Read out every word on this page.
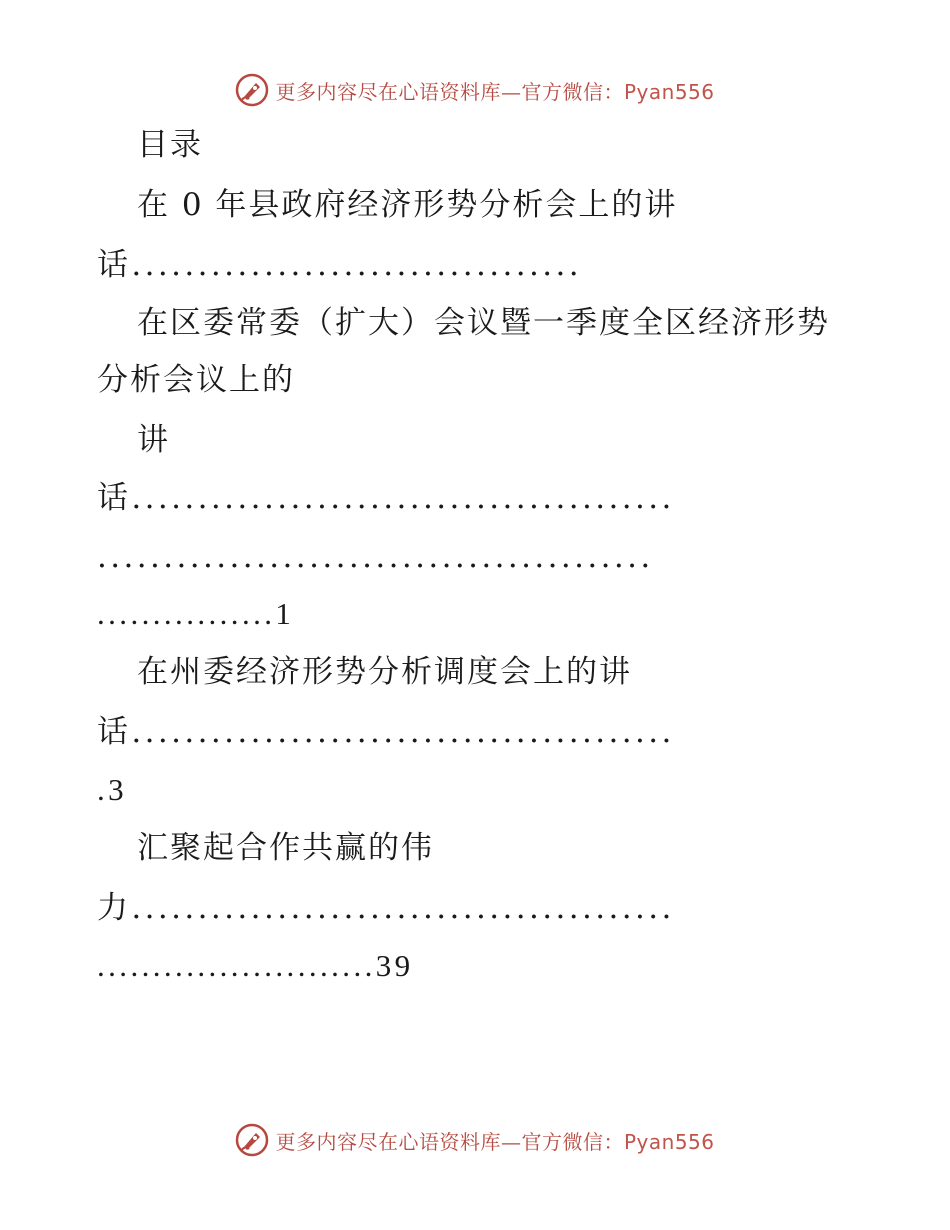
更多内容尽在心语资料库—官方微信：Pyan556
目录
在 0 年县政府经济形势分析会上的讲
话..................................
在区委常委（扩大）会议暨一季度全区经济形势
分析会议上的
讲
话.........................................
..........................................
................1
在州委经济形势分析调度会上的讲
话.........................................
.3
汇聚起合作共赢的伟
力.........................................
.........................39
更多内容尽在心语资料库—官方微信：Pyan556
